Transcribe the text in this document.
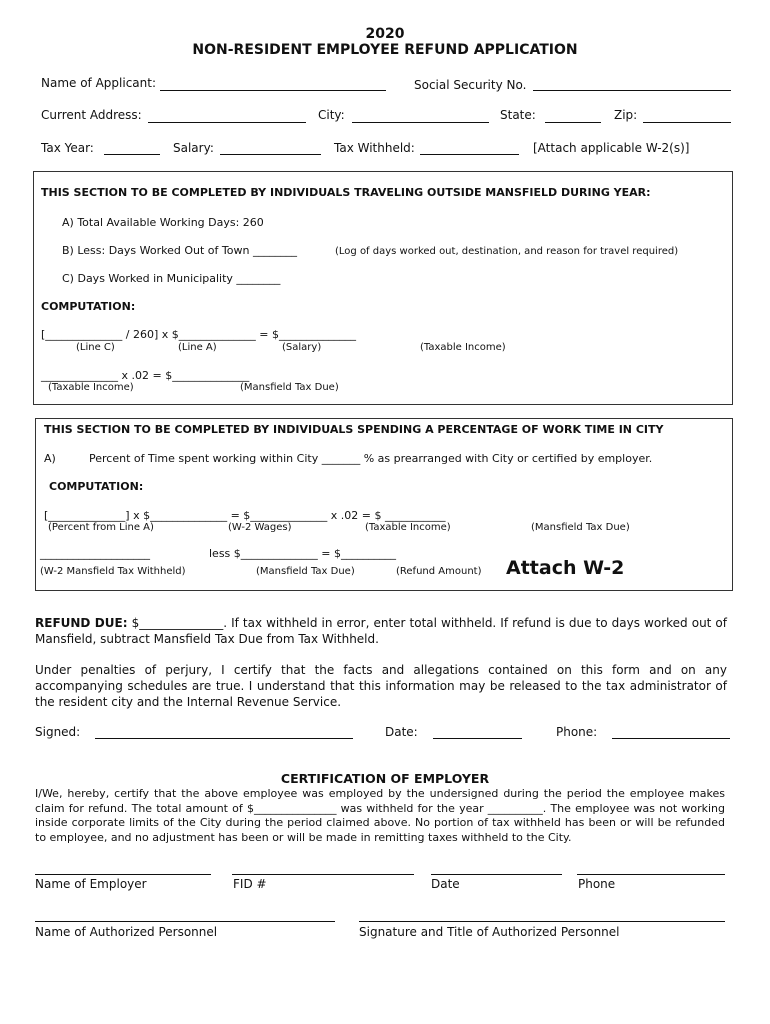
2020
NON-RESIDENT EMPLOYEE REFUND APPLICATION
Name of Applicant:	Social Security No.
Current Address:	City:	State:	Zip:
Tax Year:	Salary:	Tax Withheld:	[Attach applicable W-2(s)]
THIS SECTION TO BE COMPLETED BY INDIVIDUALS TRAVELING OUTSIDE MANSFIELD DURING YEAR:
A) Total Available Working Days: 260
B) Less: Days Worked Out of Town ________	(Log of days worked out, destination, and reason for travel required)
C) Days Worked in Municipality ________
COMPUTATION:
[______________ / 260] x $______________ = $______________
(Line C)	(Line A)	(Salary)	(Taxable Income)
______________ x .02 = $______________
(Taxable Income)	(Mansfield Tax Due)
THIS SECTION TO BE COMPLETED BY INDIVIDUALS SPENDING A PERCENTAGE OF WORK TIME IN CITY
A)	Percent of Time spent working within City _______ % as prearranged with City or certified by employer.
COMPUTATION:
[______________] x $______________ = $______________ x .02 = $ ___________
(Percent from Line A)	(W-2 Wages)	(Taxable Income)	(Mansfield Tax Due)
____________________	less $______________ = $__________
(W-2 Mansfield Tax Withheld)	(Mansfield Tax Due)	(Refund Amount) Attach W-2
REFUND DUE: $______________. If tax withheld in error, enter total withheld. If refund is due to days worked out of Mansfield, subtract Mansfield Tax Due from Tax Withheld.
Under penalties of perjury, I certify that the facts and allegations contained on this form and on any accompanying schedules are true. I understand that this information may be released to the tax administrator of the resident city and the Internal Revenue Service.
Signed:	Date:	Phone:
CERTIFICATION OF EMPLOYER
I/We, hereby, certify that the above employee was employed by the undersigned during the period the employee makes claim for refund. The total amount of $_______________ was withheld for the year __________. The employee was not working inside corporate limits of the City during the period claimed above. No portion of tax withheld has been or will be refunded to employee, and no adjustment has been or will be made in remitting taxes withheld to the City.
Name of Employer	FID #	Date	Phone
Name of Authorized Personnel	Signature and Title of Authorized Personnel
